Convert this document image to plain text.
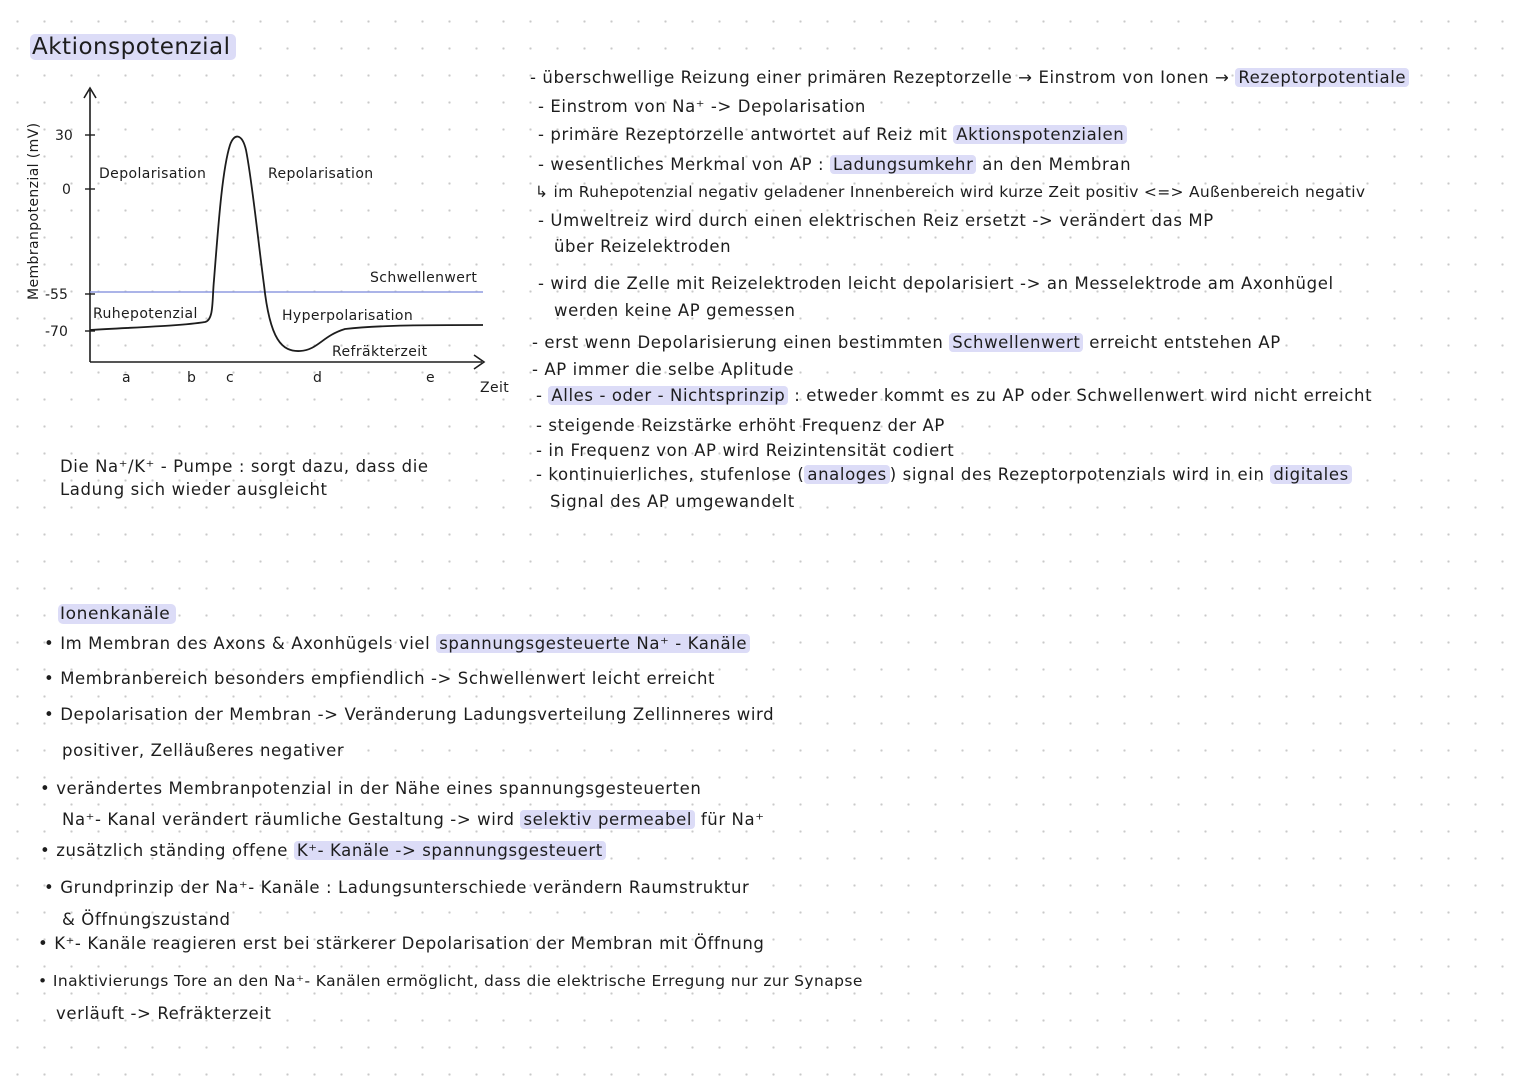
Aktionspotenzial
30
0
-55
-70
Membranpotenzial (mV)	Depolarisation	Repolarisation
Schwellenwert
Ruhepotenzial	Hyperpolarisation
Refräkterzeit
a	b c	d	e
Zeit
Die Na⁺/K⁺ - Pumpe : sorgt dazu, dass die
Ladung sich wieder ausgleicht
- überschwellige Reizung einer primären Rezeptorzelle → Einstrom von Ionen → Rezeptorpotentiale
- Einstrom von Na⁺ -> Depolarisation
- primäre Rezeptorzelle antwortet auf Reiz mit Aktionspotenzialen
- wesentliches Merkmal von AP : Ladungsumkehr an den Membran
↳ im Ruhepotenzial negativ geladener Innenbereich wird kurze Zeit positiv <=> Außenbereich negativ
- Umweltreiz wird durch einen elektrischen Reiz ersetzt -> verändert das MP
über Reizelektroden
- wird die Zelle mit Reizelektroden leicht depolarisiert -> an Messelektrode am Axonhügel
werden keine AP gemessen
- erst wenn Depolarisierung einen bestimmten Schwellenwert erreicht entstehen AP
- AP immer die selbe Aplitude
- Alles - oder - Nichtsprinzip : etweder kommt es zu AP oder Schwellenwert wird nicht erreicht
- steigende Reizstärke erhöht Frequenz der AP
- in Frequenz von AP wird Reizintensität codiert
- kontinuierliches, stufenlose ( analoges ) signal des Rezeptorpotenzials wird in ein digitales
Signal des AP umgewandelt
Ionenkanäle
• Im Membran des Axons & Axonhügels viel spannungsgesteuerte Na⁺ - Kanäle
• Membranbereich besonders empfiendlich -> Schwellenwert leicht erreicht
• Depolarisation der Membran -> Veränderung Ladungsverteilung Zellinneres wird
positiver, Zelläußeres negativer
• verändertes Membranpotenzial in der Nähe eines spannungsgesteuerten
Na⁺- Kanal verändert räumliche Gestaltung -> wird selektiv permeabel für Na⁺
• zusätzlich ständing offene K⁺- Kanäle -> spannungsgesteuert
• Grundprinzip der Na⁺- Kanäle : Ladungsunterschiede verändern Raumstruktur
& Öffnungszustand
• K⁺- Kanäle reagieren erst bei stärkerer Depolarisation der Membran mit Öffnung
• Inaktivierungs Tore an den Na⁺- Kanälen ermöglicht, dass die elektrische Erregung nur zur Synapse
verläuft -> Refräkterzeit
